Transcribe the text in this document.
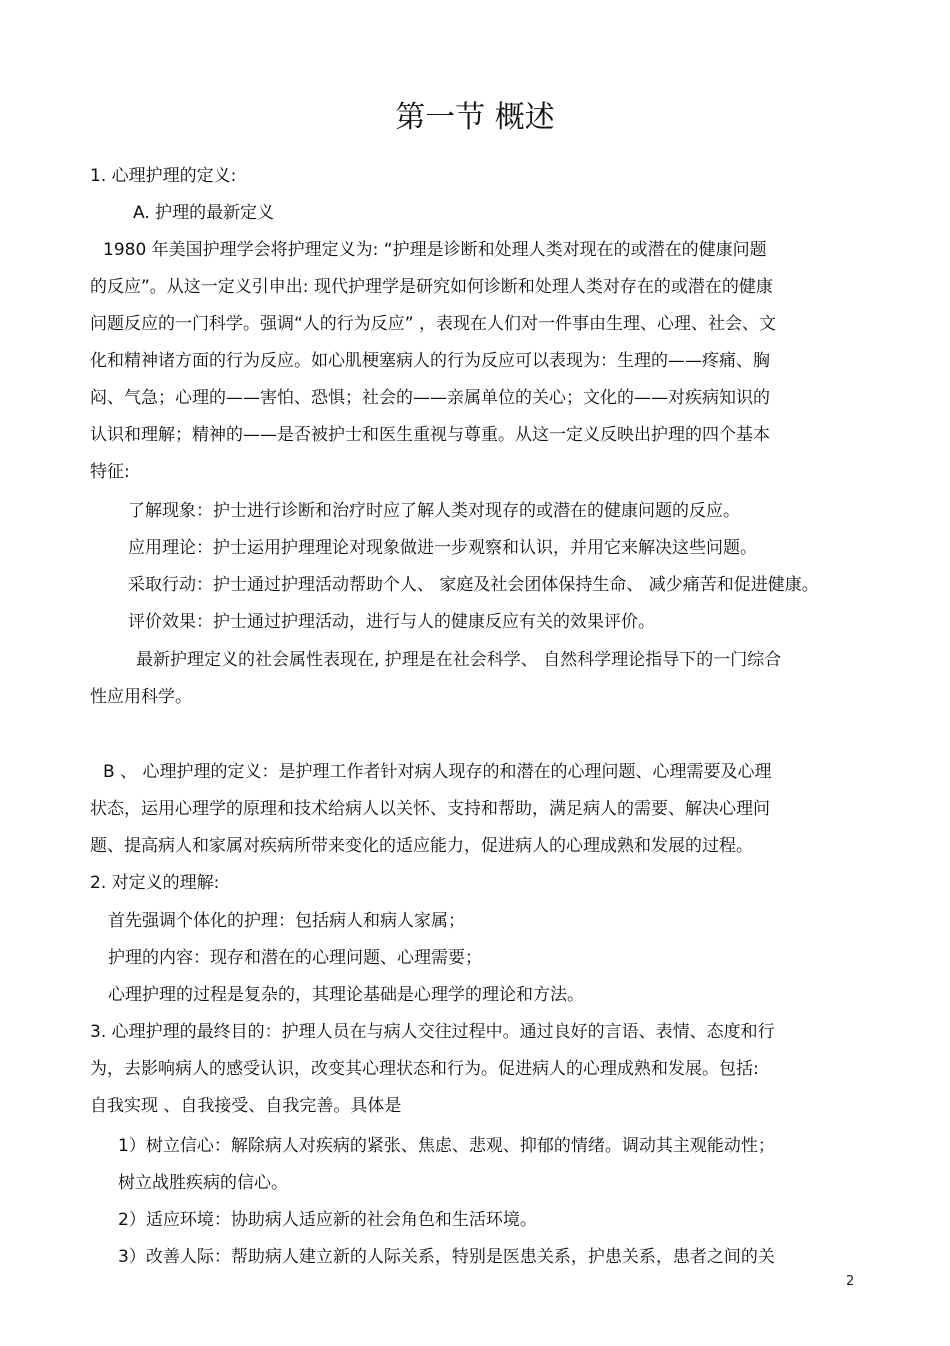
第一节 概述
1. 心理护理的定义:
A. 护理的最新定义
1980 年美国护理学会将护理定义为: “护理是诊断和处理人类对现在的或潜在的健康问题
的反应”。从这一定义引申出: 现代护理学是研究如何诊断和处理人类对存在的或潜在的健康
问题反应的一门科学。强调“人的行为反应” ，表现在人们对一件事由生理、心理、社会、文
化和精神诸方面的行为反应。如心肌梗塞病人的行为反应可以表现为：生理的——疼痛、胸
闷、气急；心理的——害怕、恐惧；社会的——亲属单位的关心；文化的——对疾病知识的
认识和理解；精神的——是否被护士和医生重视与尊重。从这一定义反映出护理的四个基本
特征:
了解现象：护士进行诊断和治疗时应了解人类对现存的或潜在的健康问题的反应。
应用理论：护士运用护理理论对现象做进一步观察和认识，并用它来解决这些问题。
采取行动：护士通过护理活动帮助个人、 家庭及社会团体保持生命、 减少痛苦和促进健康。
评价效果：护士通过护理活动，进行与人的健康反应有关的效果评价。
最新护理定义的社会属性表现在, 护理是在社会科学、 自然科学理论指导下的一门综合
性应用科学。
B 、 心理护理的定义：是护理工作者针对病人现存的和潜在的心理问题、心理需要及心理
状态，运用心理学的原理和技术给病人以关怀、支持和帮助，满足病人的需要、解决心理问
题、提高病人和家属对疾病所带来变化的适应能力，促进病人的心理成熟和发展的过程。
2. 对定义的理解:
首先强调个体化的护理：包括病人和病人家属；
护理的内容：现存和潜在的心理问题、心理需要；
心理护理的过程是复杂的，其理论基础是心理学的理论和方法。
3. 心理护理的最终目的：护理人员在与病人交往过程中。通过良好的言语、表情、态度和行
为，去影响病人的感受认识，改变其心理状态和行为。促进病人的心理成熟和发展。包括:
自我实现 、自我接受、自我完善。具体是
1）树立信心：解除病人对疾病的紧张、焦虑、悲观、抑郁的情绪。调动其主观能动性；
树立战胜疾病的信心。
2）适应环境：协助病人适应新的社会角色和生活环境。
3）改善人际：帮助病人建立新的人际关系，特别是医患关系，护患关系，患者之间的关
2
